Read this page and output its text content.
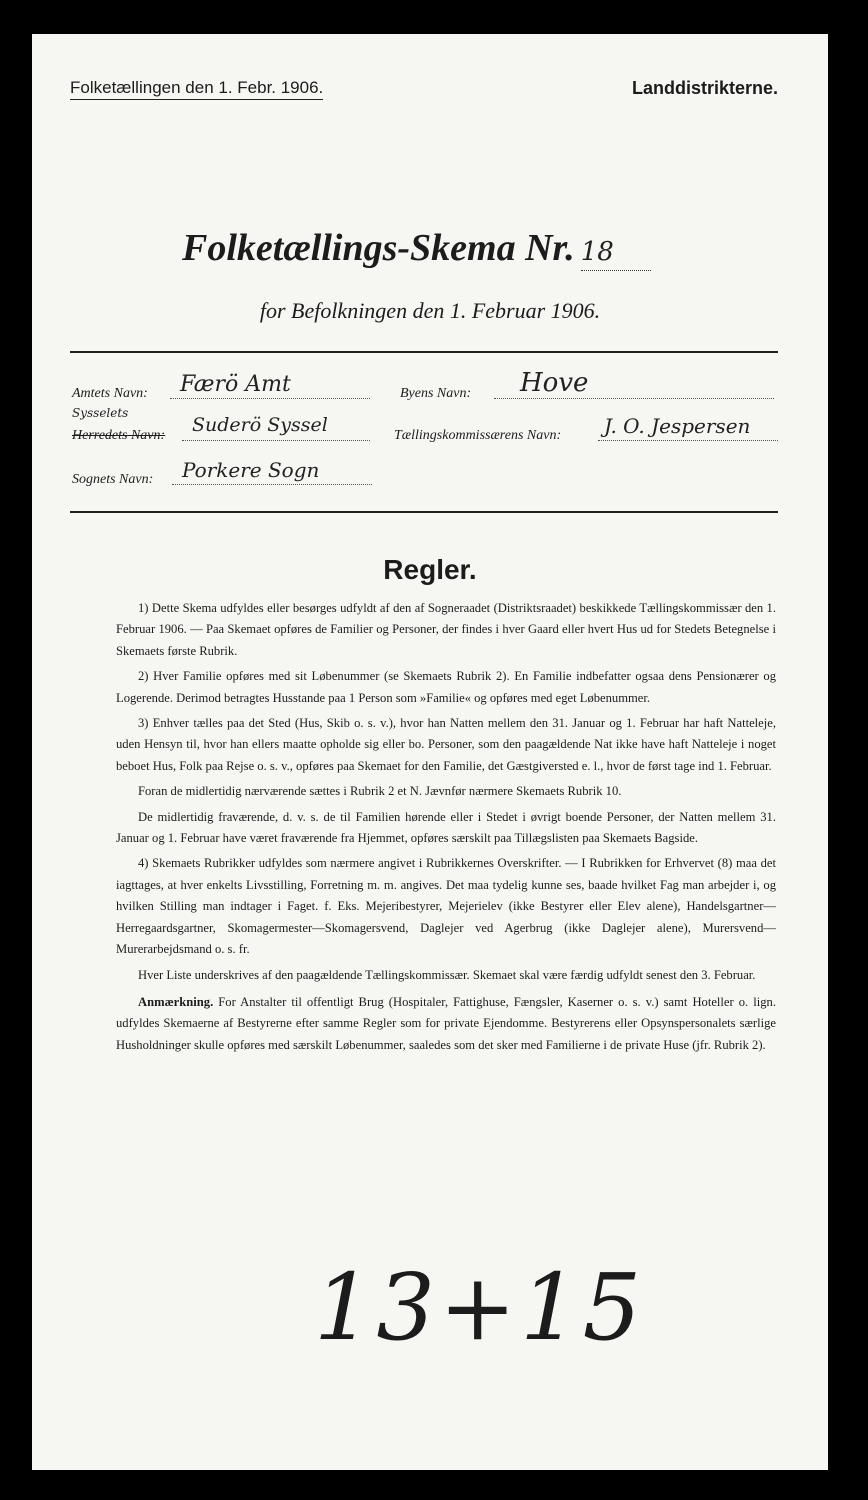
Folketællingen den 1. Febr. 1906.	Landdistrikterne.
Folketællings-Skema Nr. 18
for Befolkningen den 1. Februar 1906.
Amtets Navn: Færö Amt	Byens Navn: Hove
Sysselets
Herredets Navn: Suderö Syssel	Tællingskommissærens Navn: J. O. Jespersen
Sognets Navn: Porkere Sogn
Regler.

1) Dette Skema udfyldes eller besørges udfyldt af den af Sogneraadet (Distriktsraadet) beskikkede Tællingskommissær den 1. Februar 1906. — Paa Skemaet opføres de Familier og Personer, der findes i hver Gaard eller hvert Hus ud for Stedets Betegnelse i Skemaets første Rubrik.

2) Hver Familie opføres med sit Løbenummer (se Skemaets Rubrik 2). En Familie indbefatter ogsaa dens Pensionærer og Logerende. Derimod betragtes Husstande paa 1 Person som »Familie« og opføres med eget Løbenummer.

3) Enhver tælles paa det Sted (Hus, Skib o. s. v.), hvor han Natten mellem den 31. Januar og 1. Februar har haft Natteleje, uden Hensyn til, hvor han ellers maatte opholde sig eller bo. Personer, som den paagældende Nat ikke have haft Natteleje i noget beboet Hus, Folk paa Rejse o. s. v., opføres paa Skemaet for den Familie, det Gæstgiversted e. l., hvor de først tage ind 1. Februar.

Foran de midlertidig nærværende sættes i Rubrik 2 et N. Jævnfør nærmere Skemaets Rubrik 10.

De midlertidig fraværende, d. v. s. de til Familien hørende eller i Stedet i øvrigt boende Personer, der Natten mellem 31. Januar og 1. Februar have været fraværende fra Hjemmet, opføres særskilt paa Tillægslisten paa Skemaets Bagside.

4) Skemaets Rubrikker udfyldes som nærmere angivet i Rubrikkernes Overskrifter. — I Rubrikken for Erhvervet (8) maa det iagttages, at hver enkelts Livsstilling, Forretning m. m. angives. Det maa tydelig kunne ses, baade hvilket Fag man arbejder i, og hvilken Stilling man indtager i Faget. f. Eks. Mejeribestyrer, Mejerielev (ikke Bestyrer eller Elev alene), Handelsgartner—Herregaardsgartner, Skomagermester—Skomagersvend, Daglejer ved Agerbrug (ikke Daglejer alene), Murersvend—Murerarbejdsmand o. s. fr.

Hver Liste underskrives af den paagældende Tællingskommissær. Skemaet skal være færdig udfyldt senest den 3. Februar.

Anmærkning. For Anstalter til offentligt Brug (Hospitaler, Fattighuse, Fængsler, Kaserner o. s. v.) samt Hoteller o. lign. udfyldes Skemaerne af Bestyrerne efter samme Regler som for private Ejendomme. Bestyrerens eller Opsynspersonalets særlige Husholdninger skulle opføres med særskilt Løbenummer, saaledes som det sker med Familierne i de private Huse (jfr. Rubrik 2).

13+15
